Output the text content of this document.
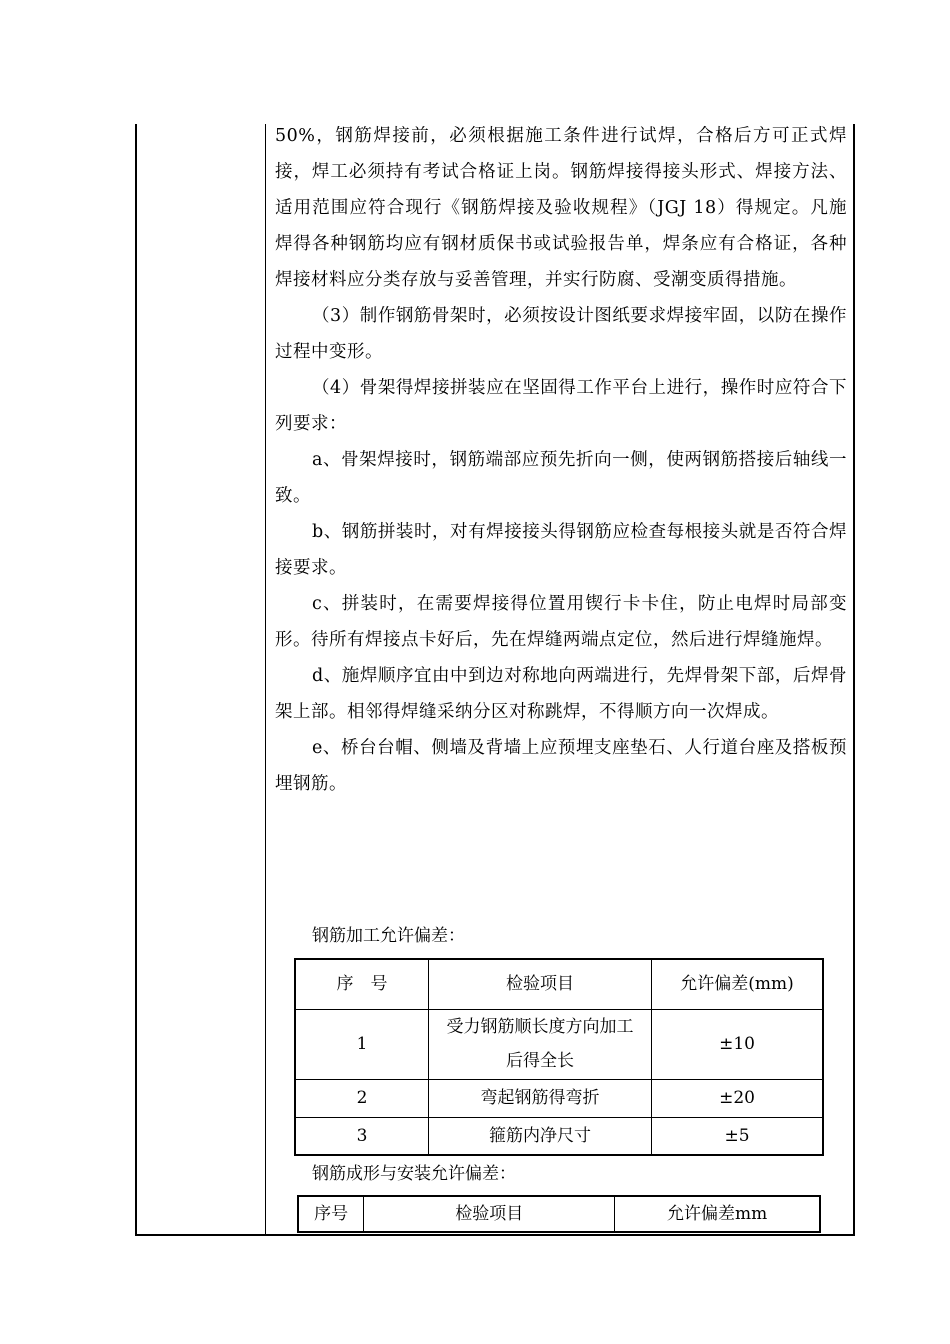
50%，钢筋焊接前，必须根据施工条件进行试焊，合格后方可正式焊接，焊工必须持有考试合格证上岗。钢筋焊接得接头形式、焊接方法、适用范围应符合现行《钢筋焊接及验收规程》（JGJ 18）得规定。凡施焊得各种钢筋均应有钢材质保书或试验报告单，焊条应有合格证，各种焊接材料应分类存放与妥善管理，并实行防腐、受潮变质得措施。

（3）制作钢筋骨架时，必须按设计图纸要求焊接牢固，以防在操作过程中变形。

（4）骨架得焊接拼装应在坚固得工作平台上进行，操作时应符合下列要求：

a、骨架焊接时，钢筋端部应预先折向一侧，使两钢筋搭接后轴线一致。

b、钢筋拼装时，对有焊接接头得钢筋应检查每根接头就是否符合焊接要求。

c、拼装时，在需要焊接得位置用锲行卡卡住，防止电焊时局部变形。待所有焊接点卡好后，先在焊缝两端点定位，然后进行焊缝施焊。

d、施焊顺序宜由中到边对称地向两端进行，先焊骨架下部，后焊骨架上部。相邻得焊缝采纳分区对称跳焊，不得顺方向一次焊成。

e、桥台台帽、侧墙及背墙上应预埋支座垫石、人行道台座及搭板预埋钢筋。

钢筋加工允许偏差：
序　号	检验项目	允许偏差(mm)
1	受力钢筋顺长度方向加工后得全长	±10
2	弯起钢筋得弯折	±20
3	箍筋内净尺寸	±5
钢筋成形与安装允许偏差：
序号	检验项目	允许偏差mm
